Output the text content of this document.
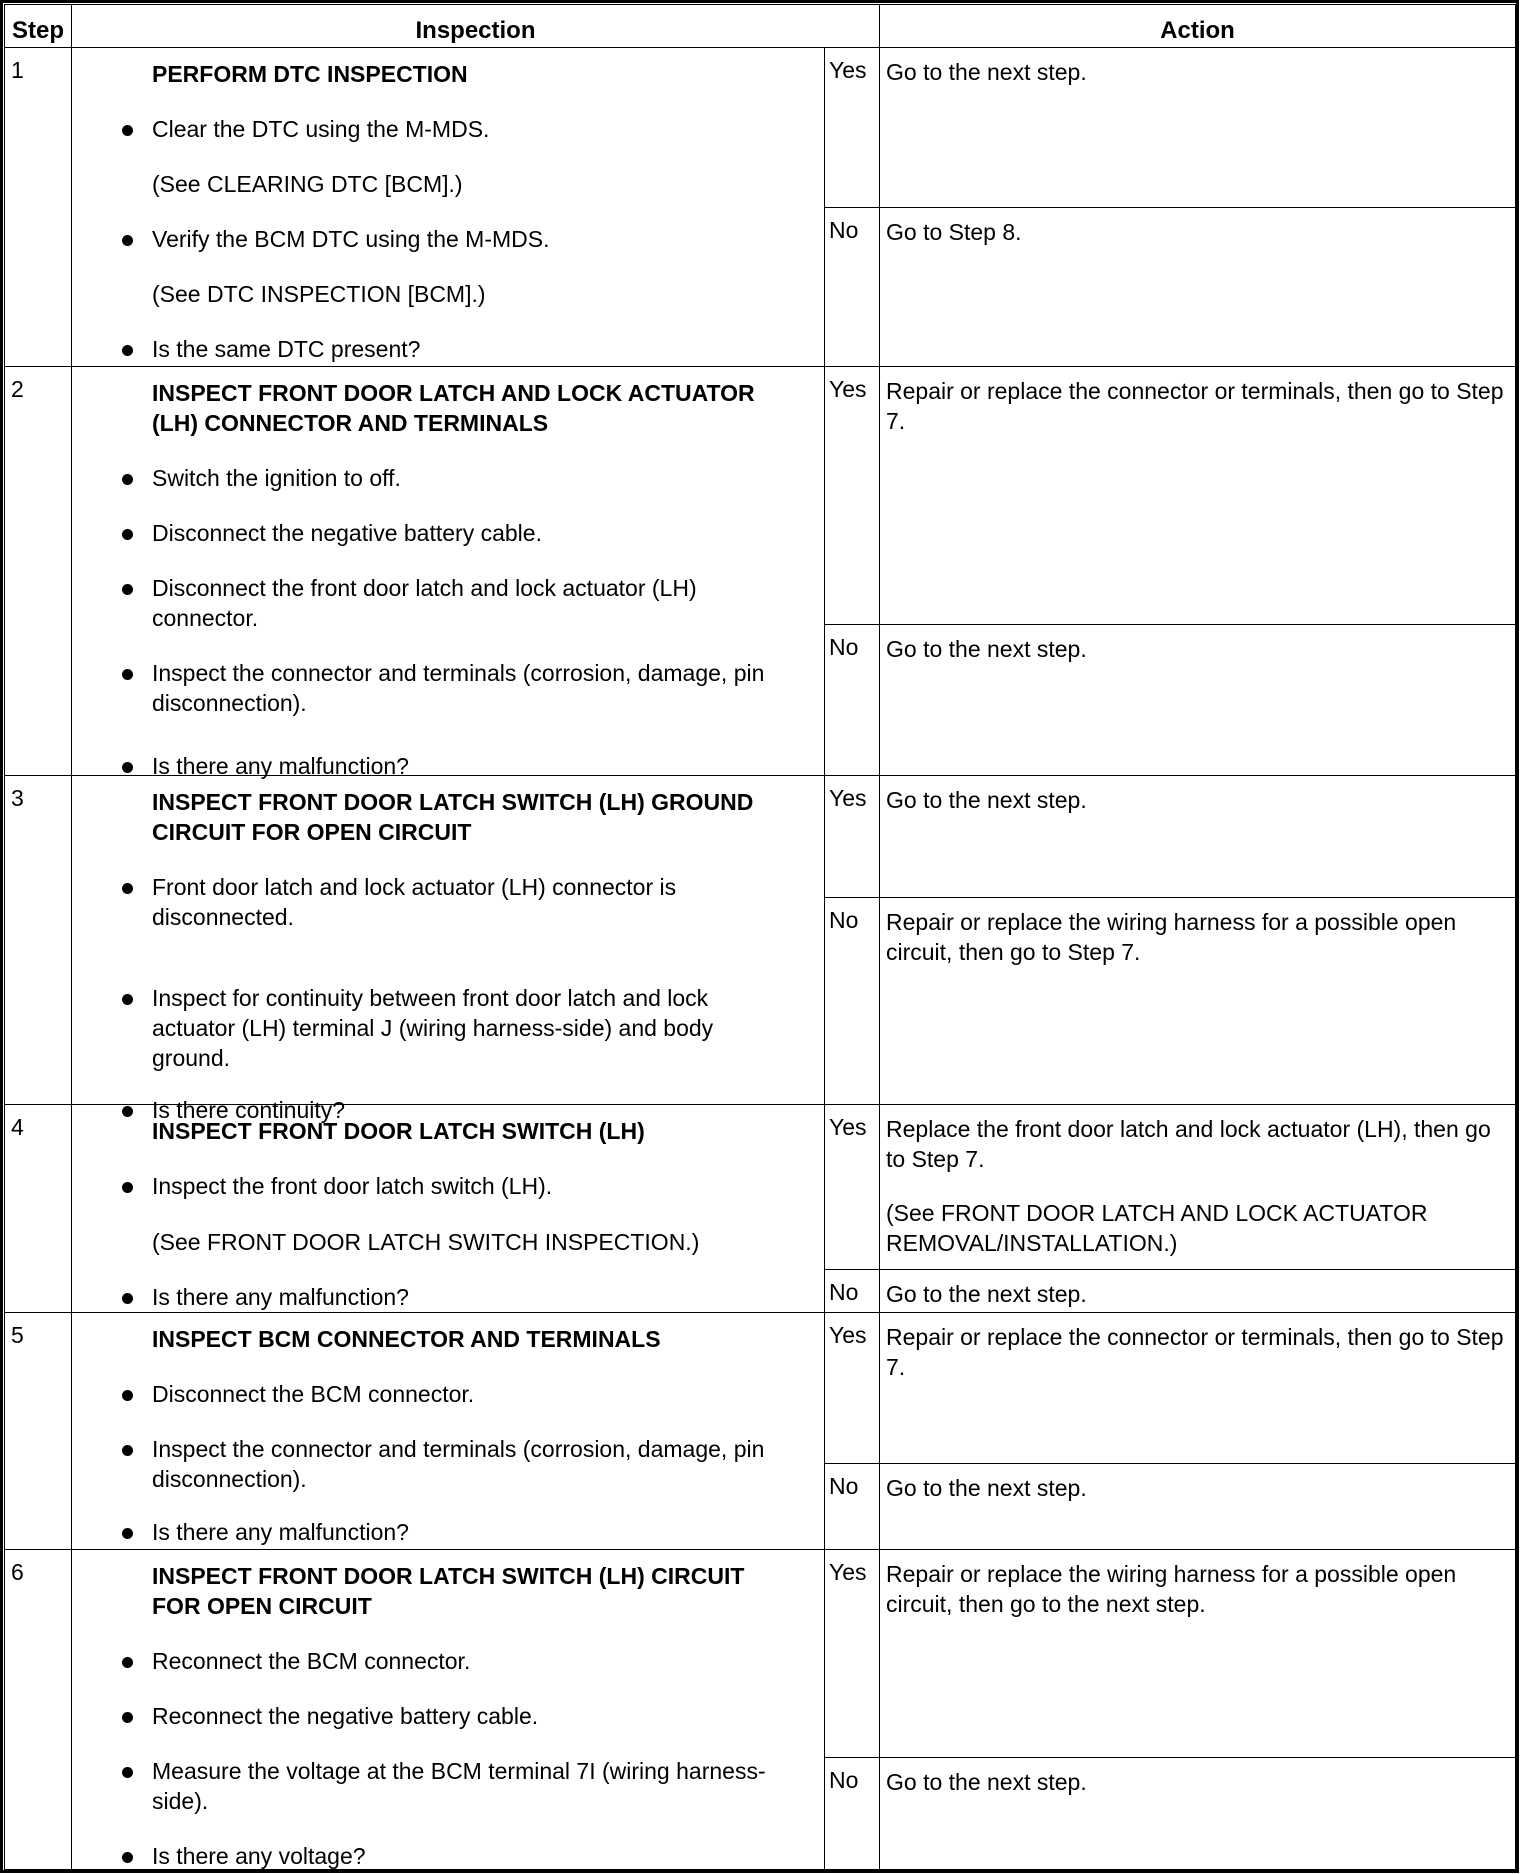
Step	Inspection	Action
1	PERFORM DTC INSPECTION
Clear the DTC using the M-MDS.
(See CLEARING DTC [BCM].)
Verify the BCM DTC using the M-MDS.
(See DTC INSPECTION [BCM].)
Is the same DTC present?
Yes Go to the next step.

No	Go to Step 8.

2	INSPECT FRONT DOOR LATCH AND LOCK ACTUATOR (LH) CONNECTOR AND TERMINALS
Switch the ignition to off.
Disconnect the negative battery cable.
Disconnect the front door latch and lock actuator (LH) connector.
Inspect the connector and terminals (corrosion, damage, pin disconnection).
Is there any malfunction?
Yes Repair or replace the connector or terminals, then go to Step 7.

No	Go to the next step.

3	INSPECT FRONT DOOR LATCH SWITCH (LH) GROUND CIRCUIT FOR OPEN CIRCUIT
Front door latch and lock actuator (LH) connector is disconnected.
Inspect for continuity between front door latch and lock actuator (LH) terminal J (wiring harness-side) and body ground.
Is there continuity?
Yes Go to the next step.

No	Repair or replace the wiring harness for a possible open circuit, then go to Step 7.

4	INSPECT FRONT DOOR LATCH SWITCH (LH)
Inspect the front door latch switch (LH).
(See FRONT DOOR LATCH SWITCH INSPECTION.)
Is there any malfunction?
Yes Replace the front door latch and lock actuator (LH), then go to Step 7.

(See FRONT DOOR LATCH AND LOCK ACTUATOR REMOVAL/INSTALLATION.)

No	Go to the next step.

5	INSPECT BCM CONNECTOR AND TERMINALS
Disconnect the BCM connector.
Inspect the connector and terminals (corrosion, damage, pin disconnection).
Is there any malfunction?
Yes Repair or replace the connector or terminals, then go to Step 7.

No	Go to the next step.

6	INSPECT FRONT DOOR LATCH SWITCH (LH) CIRCUIT FOR OPEN CIRCUIT
Reconnect the BCM connector.
Reconnect the negative battery cable.
Measure the voltage at the BCM terminal 7I (wiring harness-side).
Is there any voltage?
Yes Repair or replace the wiring harness for a possible open circuit, then go to the next step.

No	Go to the next step.
